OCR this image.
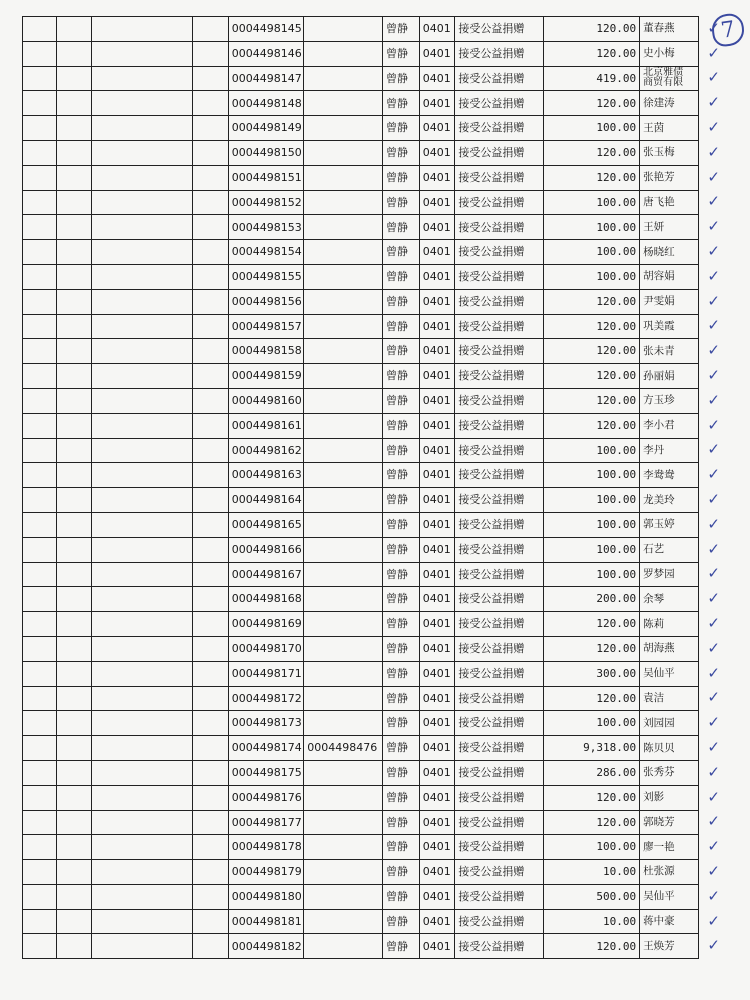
7
				0004498145		曾静	0401	接受公益捐赠	120.00	董春燕 ✓

				0004498146		曾静	0401	接受公益捐赠	120.00	史小梅 ✓

				0004498147		曾静	0401	接受公益捐赠	419.00	北京雅债
商贸有限 ✓

				0004498148		曾静	0401	接受公益捐赠	120.00	徐建涛 ✓

				0004498149		曾静	0401	接受公益捐赠	100.00	王茵 ✓

				0004498150		曾静	0401	接受公益捐赠	120.00	张玉梅 ✓

				0004498151		曾静	0401	接受公益捐赠	120.00	张艳芳 ✓

				0004498152		曾静	0401	接受公益捐赠	100.00	唐飞艳 ✓

				0004498153		曾静	0401	接受公益捐赠	100.00	王妍 ✓

				0004498154		曾静	0401	接受公益捐赠	100.00	杨晓红 ✓

				0004498155		曾静	0401	接受公益捐赠	100.00	胡容娟 ✓

				0004498156		曾静	0401	接受公益捐赠	120.00	尹雯娟 ✓

				0004498157		曾静	0401	接受公益捐赠	120.00	巩美霞 ✓

				0004498158		曾静	0401	接受公益捐赠	120.00	张未青 ✓

				0004498159		曾静	0401	接受公益捐赠	120.00	孙丽娟 ✓

				0004498160		曾静	0401	接受公益捐赠	120.00	方玉珍 ✓

				0004498161		曾静	0401	接受公益捐赠	120.00	李小君 ✓

				0004498162		曾静	0401	接受公益捐赠	100.00	李丹 ✓

				0004498163		曾静	0401	接受公益捐赠	100.00	李鸯鸯 ✓

				0004498164		曾静	0401	接受公益捐赠	100.00	龙美玲 ✓

				0004498165		曾静	0401	接受公益捐赠	100.00	郭玉婷 ✓

				0004498166		曾静	0401	接受公益捐赠	100.00	石艺 ✓

				0004498167		曾静	0401	接受公益捐赠	100.00	罗梦园 ✓

				0004498168		曾静	0401	接受公益捐赠	200.00	余琴 ✓

				0004498169		曾静	0401	接受公益捐赠	120.00	陈莉 ✓

				0004498170		曾静	0401	接受公益捐赠	120.00	胡海燕 ✓

				0004498171		曾静	0401	接受公益捐赠	300.00	吴仙平 ✓

				0004498172		曾静	0401	接受公益捐赠	120.00	袁洁 ✓

				0004498173		曾静	0401	接受公益捐赠	100.00	刘园园 ✓

				0004498174	0004498476	曾静	0401	接受公益捐赠	9,318.00	陈贝贝 ✓

				0004498175		曾静	0401	接受公益捐赠	286.00	张秀芬 ✓

				0004498176		曾静	0401	接受公益捐赠	120.00	刘影 ✓

				0004498177		曾静	0401	接受公益捐赠	120.00	郭晓芳 ✓

				0004498178		曾静	0401	接受公益捐赠	100.00	廖一艳 ✓

				0004498179		曾静	0401	接受公益捐赠	10.00	杜张源 ✓

				0004498180		曾静	0401	接受公益捐赠	500.00	吴仙平 ✓

				0004498181		曾静	0401	接受公益捐赠	10.00	蒋中豪 ✓

				0004498182		曾静	0401	接受公益捐赠	120.00	王焕芳 ✓
